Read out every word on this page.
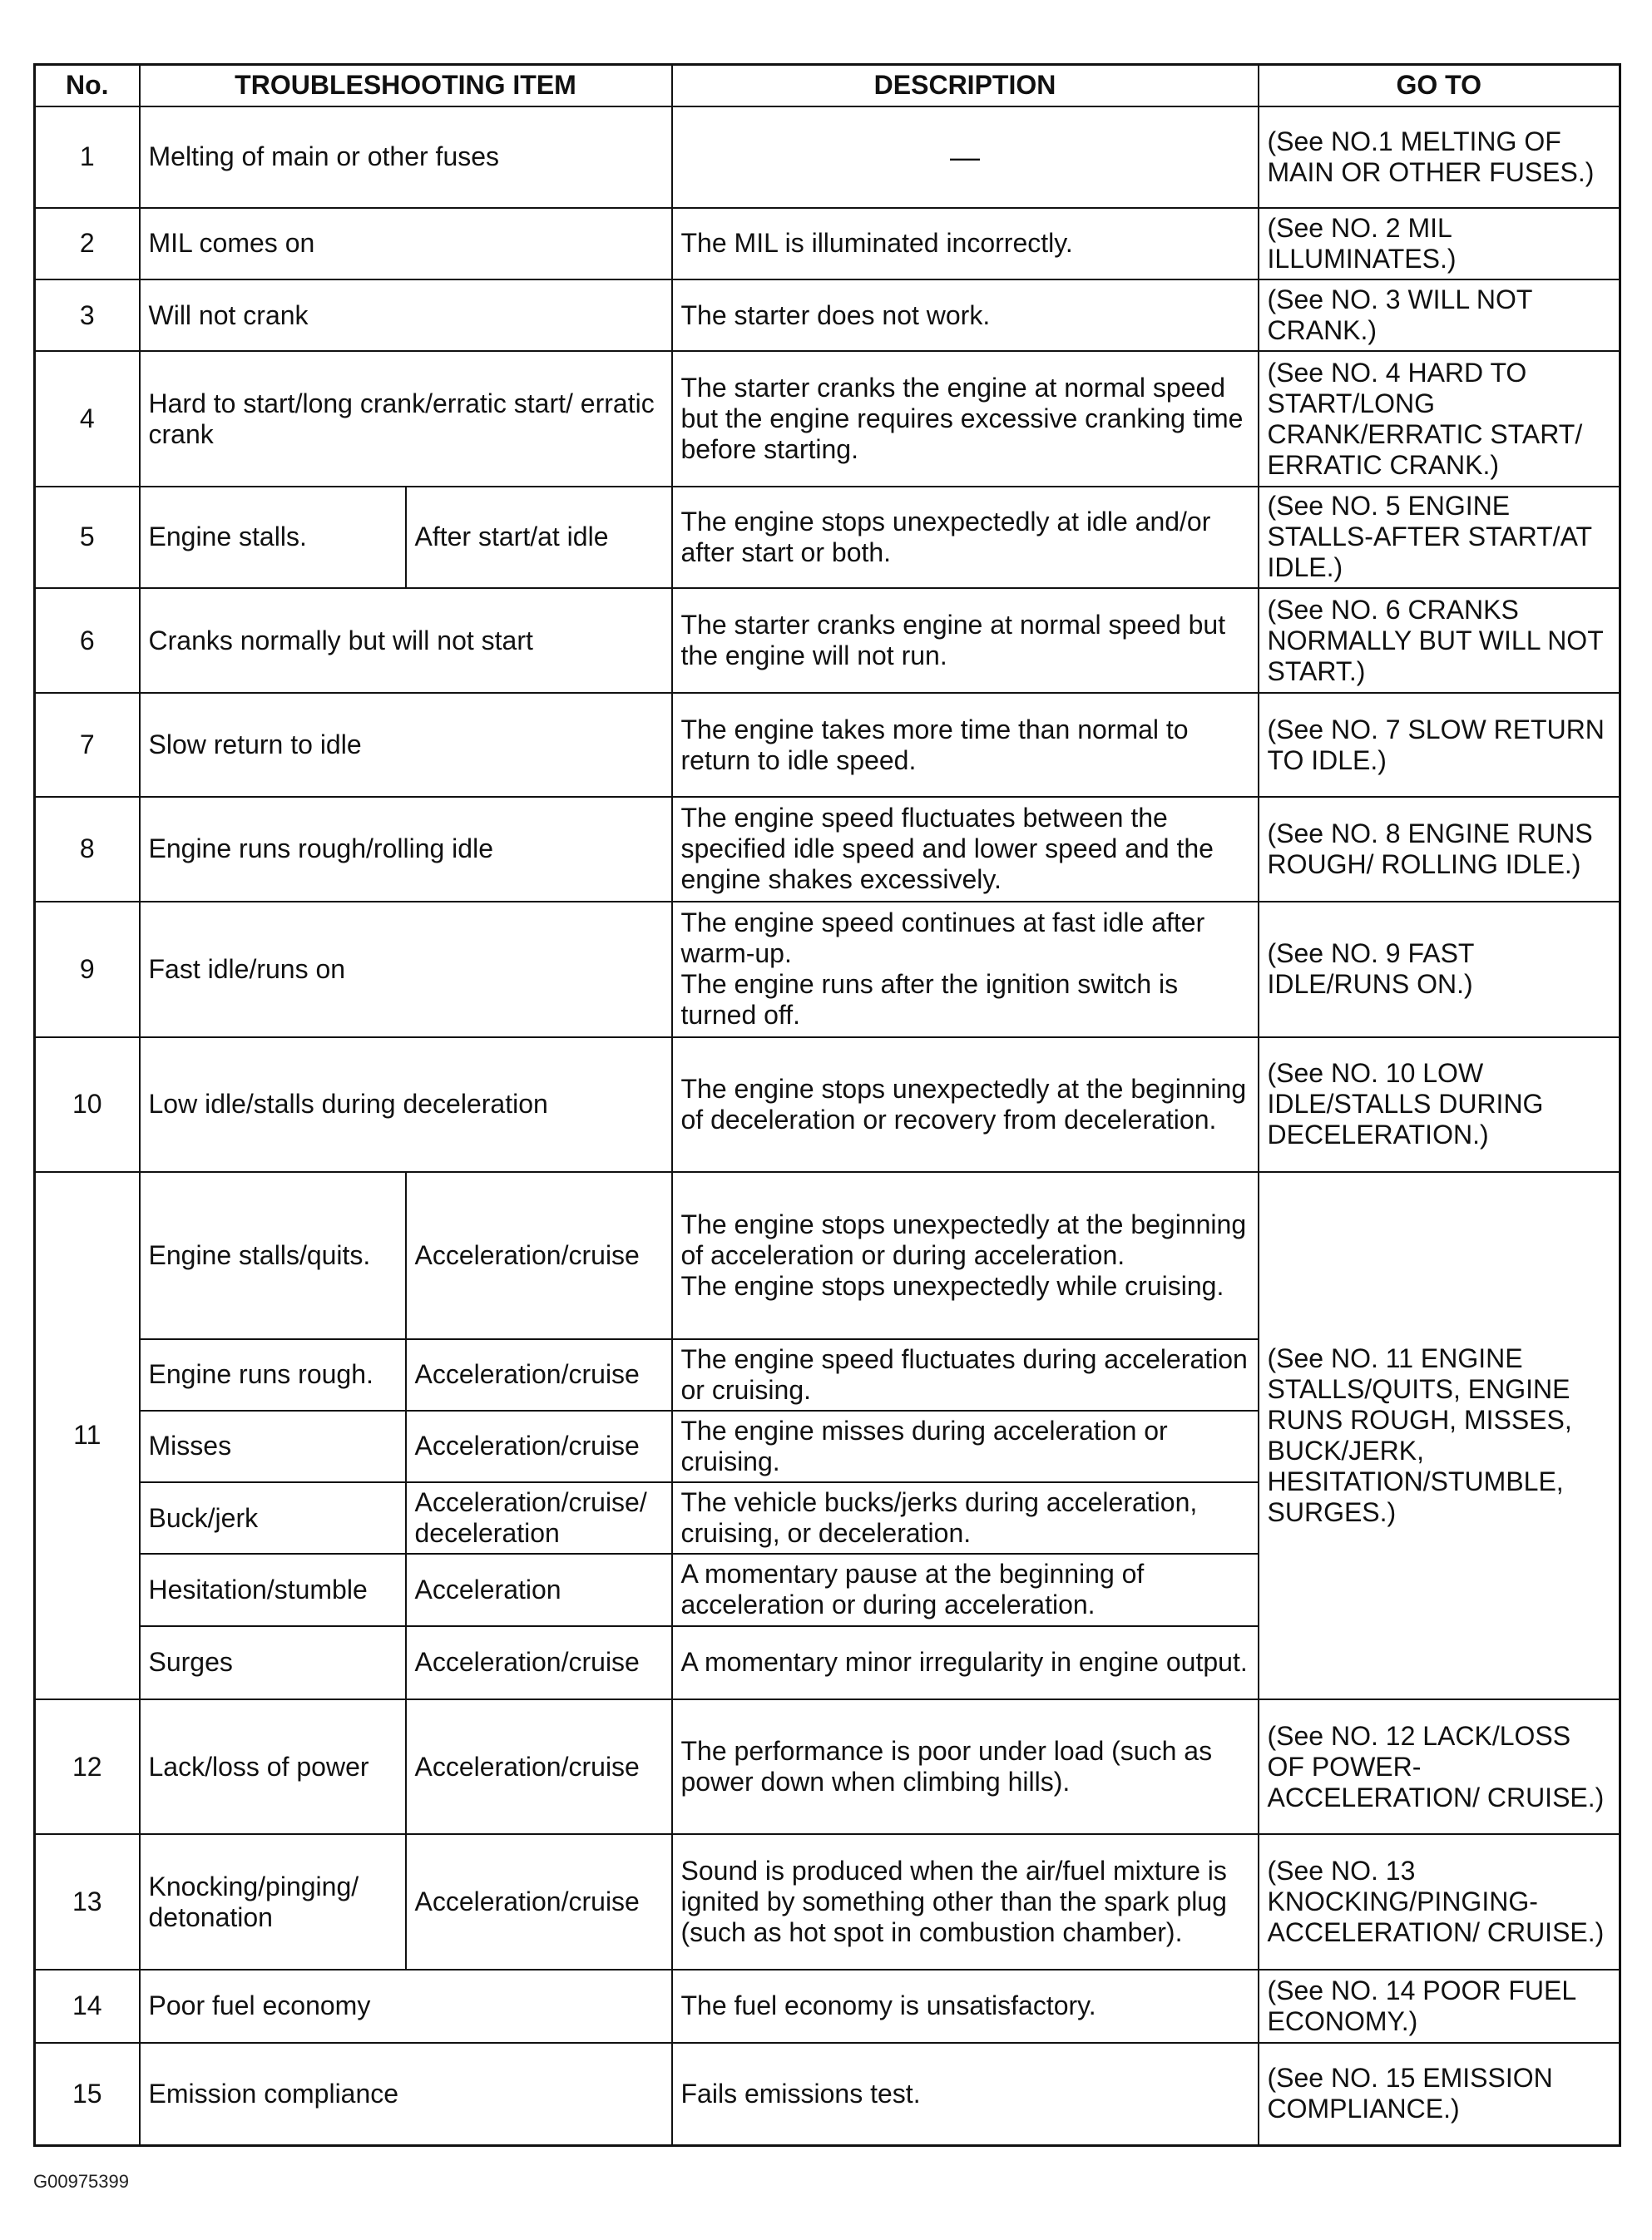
No.	TROUBLESHOOTING ITEM		DESCRIPTION	GO TO
1	Melting of main or other fuses		—	(See NO.1 MELTING OF MAIN OR OTHER FUSES.)
2	MIL comes on		The MIL is illuminated incorrectly.	(See NO. 2 MIL ILLUMINATES.)
3	Will not crank		The starter does not work.	(See NO. 3 WILL NOT CRANK.)
4	Hard to start/long crank/erratic start/ erratic crank		The starter cranks the engine at normal speed but the engine requires excessive cranking time before starting.	(See NO. 4 HARD TO START/LONG CRANK/ERRATIC START/ ERRATIC CRANK.)
5	Engine stalls.	After start/at idle	The engine stops unexpectedly at idle and/or after start or both.	(See NO. 5 ENGINE STALLS-AFTER START/AT IDLE.)
6	Cranks normally but will not start		The starter cranks engine at normal speed but the engine will not run.	(See NO. 6 CRANKS NORMALLY BUT WILL NOT START.)
7	Slow return to idle		The engine takes more time than normal to return to idle speed.	(See NO. 7 SLOW RETURN TO IDLE.)
8	Engine runs rough/rolling idle		The engine speed fluctuates between the specified idle speed and lower speed and the engine shakes excessively.	(See NO. 8 ENGINE RUNS ROUGH/ ROLLING IDLE.)
9	Fast idle/runs on		The engine speed continues at fast idle after warm-up.
The engine runs after the ignition switch is turned off.	(See NO. 9 FAST IDLE/RUNS ON.)
10	Low idle/stalls during deceleration		The engine stops unexpectedly at the beginning of deceleration or recovery from deceleration.	(See NO. 10 LOW IDLE/STALLS DURING DECELERATION.)
11	Engine stalls/quits.	Acceleration/cruise	The engine stops unexpectedly at the beginning of acceleration or during acceleration.
The engine stops unexpectedly while cruising.	(See NO. 11 ENGINE STALLS/QUITS, ENGINE RUNS ROUGH, MISSES, BUCK/JERK, HESITATION/STUMBLE, SURGES.)
	Engine runs rough.	Acceleration/cruise	The engine speed fluctuates during acceleration or cruising.	
	Misses	Acceleration/cruise	The engine misses during acceleration or cruising.	
	Buck/jerk	Acceleration/cruise/ deceleration	The vehicle bucks/jerks during acceleration, cruising, or deceleration.	
	Hesitation/stumble	Acceleration	A momentary pause at the beginning of acceleration or during acceleration.	
	Surges	Acceleration/cruise	A momentary minor irregularity in engine output.	
12	Lack/loss of power	Acceleration/cruise	The performance is poor under load (such as power down when climbing hills).	(See NO. 12 LACK/LOSS OF POWER- ACCELERATION/ CRUISE.)
13	Knocking/pinging/ detonation	Acceleration/cruise	Sound is produced when the air/fuel mixture is ignited by something other than the spark plug (such as hot spot in combustion chamber).	(See NO. 13 KNOCKING/PINGING- ACCELERATION/ CRUISE.)
14	Poor fuel economy		The fuel economy is unsatisfactory.	(See NO. 14 POOR FUEL ECONOMY.)
15	Emission compliance		Fails emissions test.	(See NO. 15 EMISSION COMPLIANCE.)
G00975399
